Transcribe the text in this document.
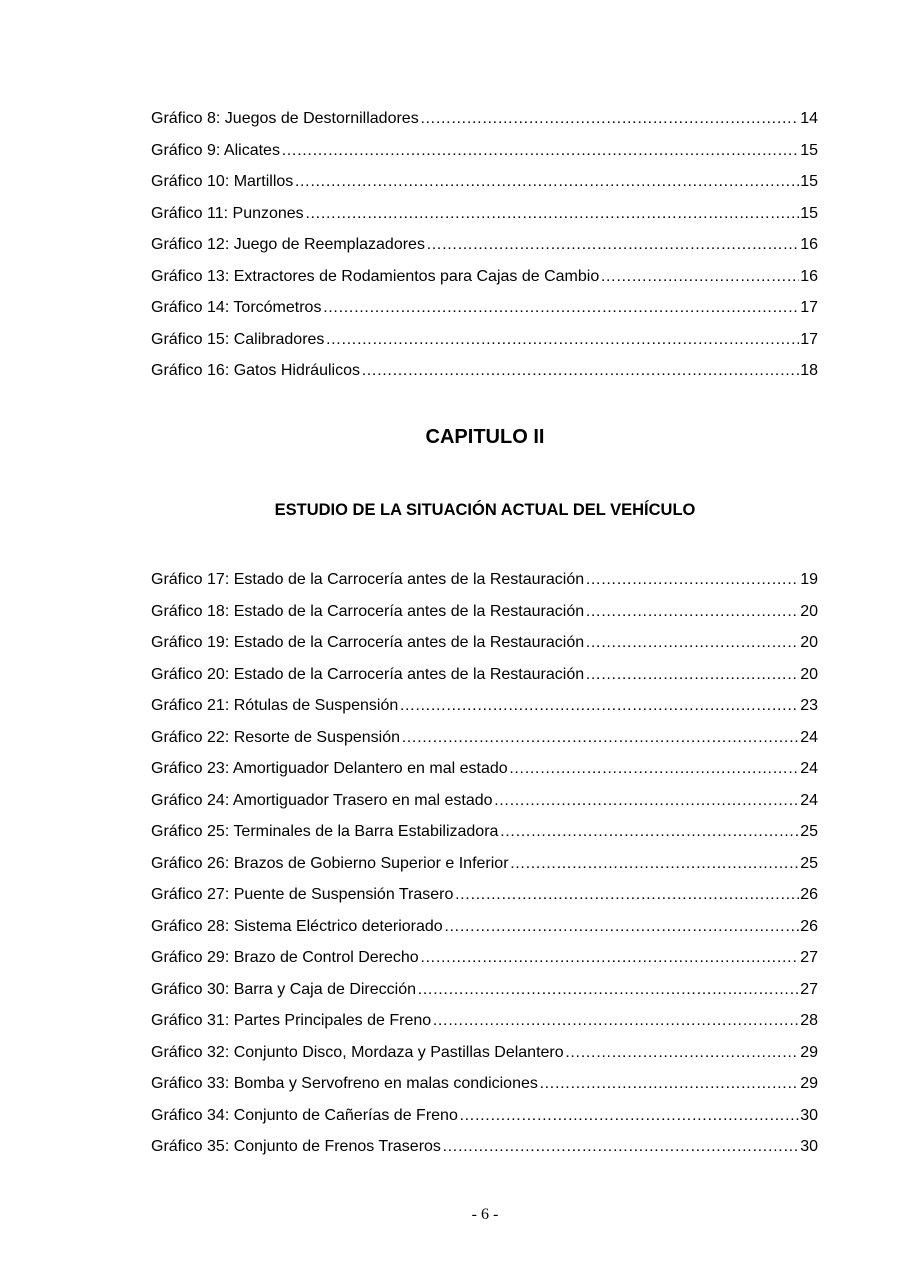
Gráfico 8: Juegos de Destornilladores ………………………………………………………………………………………………………………………………………………………………	14
Gráfico 9: Alicates ………………………………………………………………………………………………………………………………………………………………	15
Gráfico 10: Martillos ………………………………………………………………………………………………………………………………………………………………	15
Gráfico 11: Punzones ………………………………………………………………………………………………………………………………………………………………	15
Gráfico 12: Juego de Reemplazadores ………………………………………………………………………………………………………………………………………………………………	16
Gráfico 13: Extractores de Rodamientos para Cajas de Cambio ………………………………………………………………………………………………………………………………………………………………	16
Gráfico 14: Torcómetros ………………………………………………………………………………………………………………………………………………………………	17
Gráfico 15: Calibradores ………………………………………………………………………………………………………………………………………………………………	17
Gráfico 16: Gatos Hidráulicos ………………………………………………………………………………………………………………………………………………………………	18
CAPITULO II
ESTUDIO DE LA SITUACIÓN ACTUAL DEL VEHÍCULO
Gráfico 17: Estado de la Carrocería antes de la Restauración ………………………………………………………………………………………………………………………………………………………………	19
Gráfico 18: Estado de la Carrocería antes de la Restauración ………………………………………………………………………………………………………………………………………………………………	20
Gráfico 19: Estado de la Carrocería antes de la Restauración ………………………………………………………………………………………………………………………………………………………………	20
Gráfico 20: Estado de la Carrocería antes de la Restauración ………………………………………………………………………………………………………………………………………………………………	20
Gráfico 21: Rótulas de Suspensión ………………………………………………………………………………………………………………………………………………………………	23
Gráfico 22: Resorte de Suspensión ………………………………………………………………………………………………………………………………………………………………	24
Gráfico 23: Amortiguador Delantero en mal estado ………………………………………………………………………………………………………………………………………………………………	24
Gráfico 24: Amortiguador Trasero en mal estado ………………………………………………………………………………………………………………………………………………………………	24
Gráfico 25: Terminales de la Barra Estabilizadora ………………………………………………………………………………………………………………………………………………………………	25
Gráfico 26: Brazos de Gobierno Superior e Inferior ………………………………………………………………………………………………………………………………………………………………	25
Gráfico 27: Puente de Suspensión Trasero ………………………………………………………………………………………………………………………………………………………………	26
Gráfico 28: Sistema Eléctrico deteriorado ………………………………………………………………………………………………………………………………………………………………	26
Gráfico 29: Brazo de Control Derecho ………………………………………………………………………………………………………………………………………………………………	27
Gráfico 30: Barra y Caja de Dirección ………………………………………………………………………………………………………………………………………………………………	27
Gráfico 31: Partes Principales de Freno ………………………………………………………………………………………………………………………………………………………………	28
Gráfico 32: Conjunto Disco, Mordaza y Pastillas Delantero ………………………………………………………………………………………………………………………………………………………………	29
Gráfico 33: Bomba y Servofreno en malas condiciones ………………………………………………………………………………………………………………………………………………………………	29
Gráfico 34: Conjunto de Cañerías de Freno ………………………………………………………………………………………………………………………………………………………………	30
Gráfico 35: Conjunto de Frenos Traseros ………………………………………………………………………………………………………………………………………………………………	30
- 6 -
